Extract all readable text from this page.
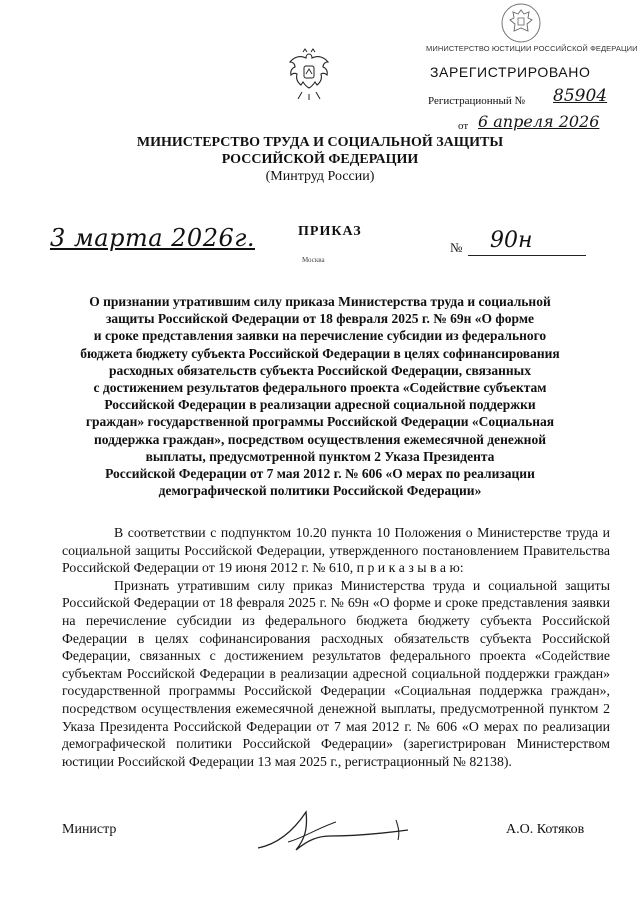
МИНИСТЕРСТВО ЮСТИЦИИ РОССИЙСКОЙ ФЕДЕРАЦИИ
ЗАРЕГИСТРИРОВАНО
Регистрационный № 85904
от 6 апреля 2026
МИНИСТЕРСТВО ТРУДА И СОЦИАЛЬНОЙ ЗАЩИТЫ
РОССИЙСКОЙ ФЕДЕРАЦИИ
(Минтруд России)
ПРИКАЗ
Москва
3 марта 2026г.	№ 90н
О признании утратившим силу приказа Министерства труда и социальной
защиты Российской Федерации от 18 февраля 2025 г. № 69н «О форме
и сроке представления заявки на перечисление субсидии из федерального
бюджета бюджету субъекта Российской Федерации в целях софинансирования
расходных обязательств субъекта Российской Федерации, связанных
с достижением результатов федерального проекта «Содействие субъектам
Российской Федерации в реализации адресной социальной поддержки
граждан» государственной программы Российской Федерации «Социальная
поддержка граждан», посредством осуществления ежемесячной денежной
выплаты, предусмотренной пунктом 2 Указа Президента
Российской Федерации от 7 мая 2012 г. № 606 «О мерах по реализации
демографической политики Российской Федерации»

В соответствии с подпунктом 10.20 пункта 10 Положения о Министерстве труда и социальной защиты Российской Федерации, утвержденного постановлением Правительства Российской Федерации от 19 июня 2012 г. № 610, п р и к а з ы в а ю:

Признать утратившим силу приказ Министерства труда и социальной защиты Российской Федерации от 18 февраля 2025 г. № 69н «О форме и сроке представления заявки на перечисление субсидии из федерального бюджета бюджету субъекта Российской Федерации в целях софинансирования расходных обязательств субъекта Российской Федерации, связанных с достижением результатов федерального проекта «Содействие субъектам Российской Федерации в реализации адресной социальной поддержки граждан» государственной программы Российской Федерации «Социальная поддержка граждан», посредством осуществления ежемесячной денежной выплаты, предусмотренной пунктом 2 Указа Президента Российской Федерации от 7 мая 2012 г. № 606 «О мерах по реализации демографической политики Российской Федерации» (зарегистрирован Министерством юстиции Российской Федерации 13 мая 2025 г., регистрационный № 82138).

Министр	А.О. Котяков
